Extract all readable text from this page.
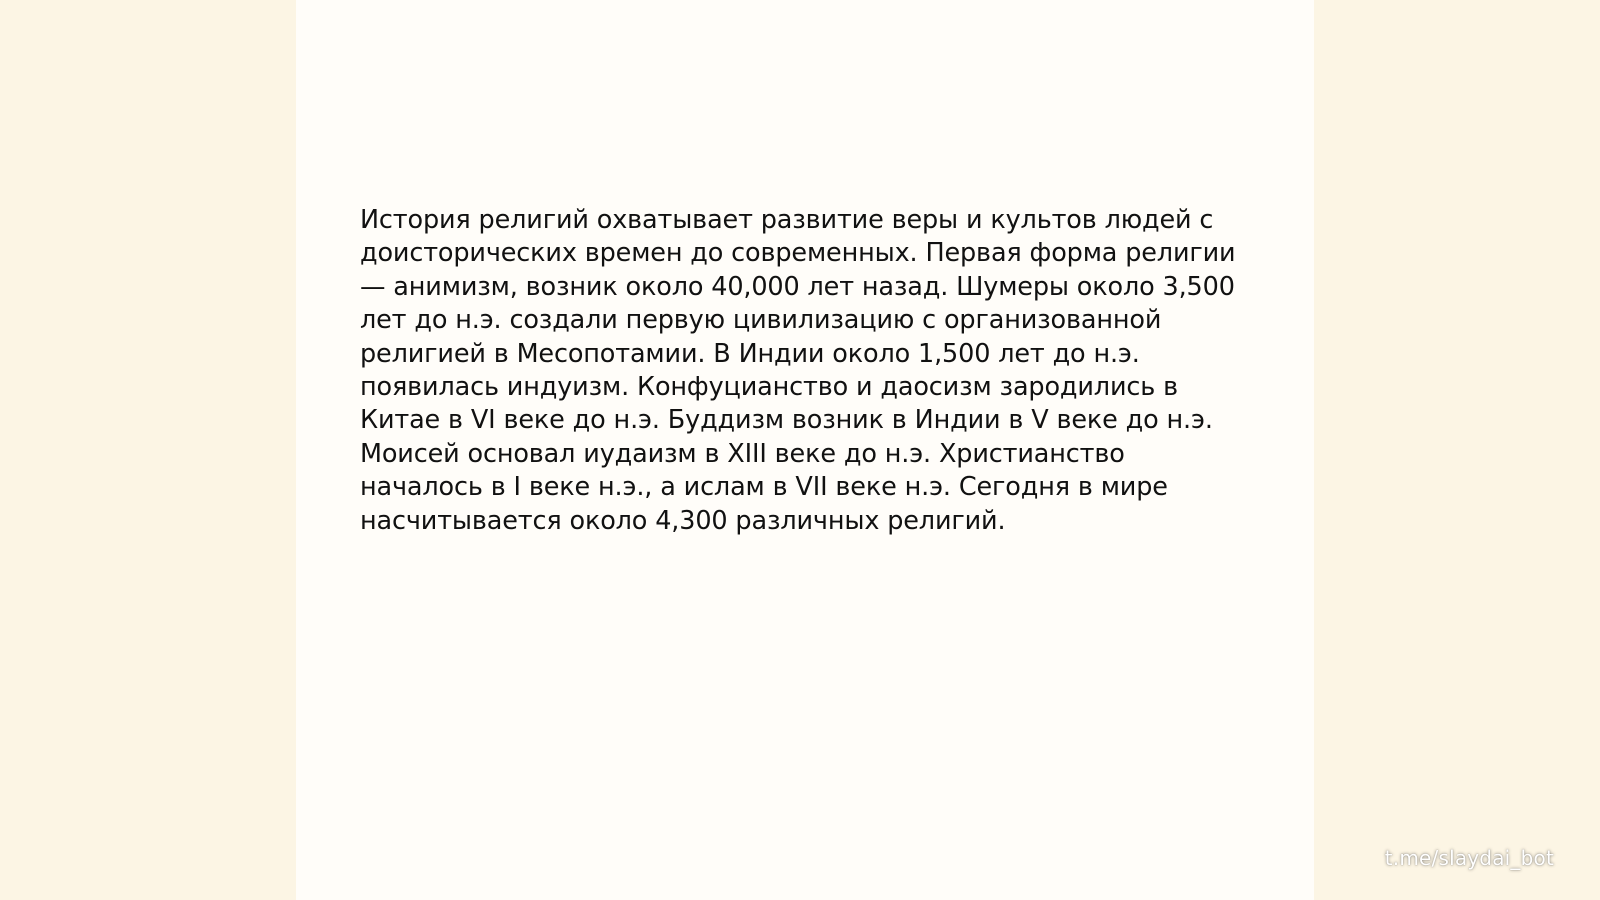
История религий охватывает развитие веры и культов людей с доисторических времен до современных. Первая форма религии — анимизм, возник около 40,000 лет назад. Шумеры около 3,500 лет до н.э. создали первую цивилизацию с организованной религией в Месопотамии. В Индии около 1,500 лет до н.э. появилась индуизм. Конфуцианство и даосизм зародились в Китае в VI веке до н.э. Буддизм возник в Индии в V веке до н.э. Моисей основал иудаизм в XIII веке до н.э. Христианство началось в I веке н.э., а ислам в VII веке н.э. Сегодня в мире насчитывается около 4,300 различных религий.

t.me/slaydai_bot
